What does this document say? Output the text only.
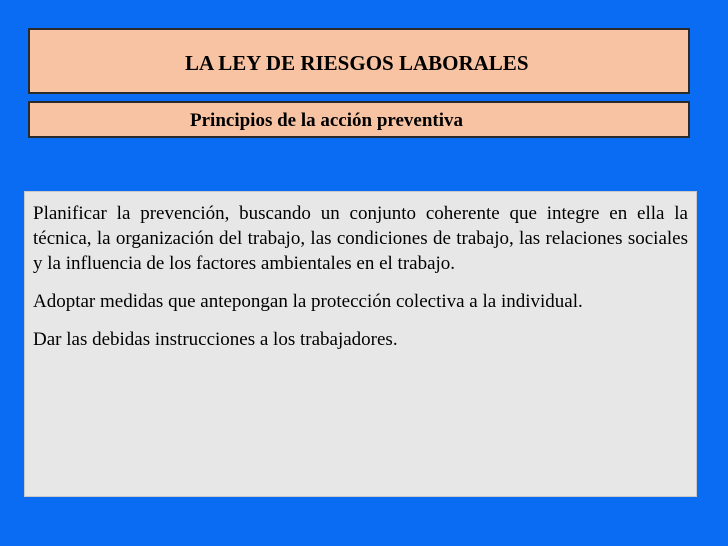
LA LEY DE RIESGOS LABORALES
Principios de la acción preventiva

Planificar la prevención, buscando un conjunto coherente que integre en ella la técnica, la organización del trabajo, las condiciones de trabajo, las relaciones sociales y la influencia de los factores ambientales en el trabajo.

Adoptar medidas que antepongan la protección colectiva a la individual.

Dar las debidas instrucciones a los trabajadores.
